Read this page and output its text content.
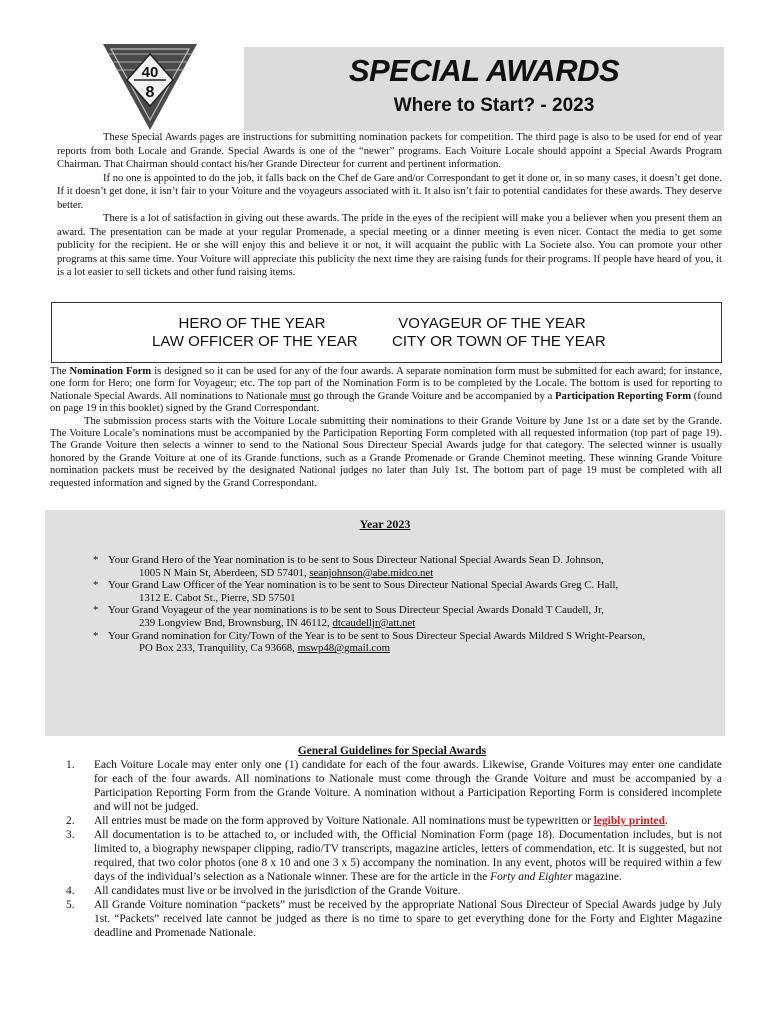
40
8
SPECIAL AWARDS
Where to Start? - 2023

These Special Awards pages are instructions for submitting nomination packets for competition. The third page is also to be used for end of year reports from both Locale and Grande. Special Awards is one of the “newer” programs. Each Voiture Locale should appoint a Special Awards Program Chairman. That Chairman should contact his/her Grande Directeur for current and pertinent information.

If no one is appointed to do the job, it falls back on the Chef de Gare and/or Correspondant to get it done or, in so many cases, it doesn’t get done. If it doesn’t get done, it isn’t fair to your Voiture and the voyageurs associated with it. It also isn’t fair to potential candidates for these awards. They deserve better.

There is a lot of satisfaction in giving out these awards. The pride in the eyes of the recipient will make you a believer when you present them an award. The presentation can be made at your regular Promenade, a special meeting or a dinner meeting is even nicer. Contact the media to get some publicity for the recipient. He or she will enjoy this and believe it or not, it will acquaint the public with La Societe also. You can promote your other programs at this same time. Your Voiture will appreciate this publicity the next time they are raising funds for their programs. If people have heard of you, it is a lot easier to sell tickets and other fund raising items.

HERO OF THE YEAR
LAW OFFICER OF THE YEAR
VOYAGEUR OF THE YEAR
CITY OR TOWN OF THE YEAR

The Nomination Form is designed so it can be used for any of the four awards. A separate nomination form must be submitted for each award; for instance, one form for Hero; one form for Voyageur; etc. The top part of the Nomination Form is to be completed by the Locale. The bottom is used for reporting to Nationale Special Awards. All nominations to Nationale must go through the Grande Voiture and be accompanied by a Participation Reporting Form (found on page 19 in this booklet) signed by the Grand Correspondant.

The submission process starts with the Voiture Locale submitting their nominations to their Grande Voiture by June 1st or a date set by the Grande. The Voiture Locale’s nominations must be accompanied by the Participation Reporting Form completed with all requested information (top part of page 19). The Grande Voiture then selects a winner to send to the National Sous Directeur Special Awards judge for that category. The selected winner is usually honored by the Grande Voiture at one of its Grande functions, such as a Grande Promenade or Grande Cheminot meeting. These winning Grande Voiture nomination packets must be received by the designated National judges no later than July 1st. The bottom part of page 19 must be completed with all requested information and signed by the Grand Correspondant.

Year 2023
* Your Grand Hero of the Year nomination is to be sent to Sous Directeur National Special Awards Sean D. Johnson,
1005 N Main St, Aberdeen, SD 57401, seanjohnson@abe.midco.net
* Your Grand Law Officer of the Year nomination is to be sent to Sous Directeur National Special Awards Greg C. Hall,
1312 E. Cabot St., Pierre, SD 57501
* Your Grand Voyageur of the year nominations is to be sent to Sous Directeur Special Awards Donald T Caudell, Jr,
239 Longview Bnd, Brownsburg, IN 46112, dtcaudelljr@att.net
* Your Grand nomination for City/Town of the Year is to be sent to Sous Directeur Special Awards Mildred S Wright-Pearson,
PO Box 233, Tranquility, Ca 93668, mswp48@gmail.com

General Guidelines for Special Awards

1. Each Voiture Locale may enter only one (1) candidate for each of the four awards. Likewise, Grande Voitures may enter one candidate for each of the four awards. All nominations to Nationale must come through the Grande Voiture and must be accompanied by a Participation Reporting Form from the Grande Voiture. A nomination without a Participation Reporting Form is considered incomplete and will not be judged.
2. All entries must be made on the form approved by Voiture Nationale. All nominations must be typewritten or legibly printed.
3. All documentation is to be attached to, or included with, the Official Nomination Form (page 18). Documentation includes, but is not limited to, a biography newspaper clipping, radio/TV transcripts, magazine articles, letters of commendation, etc. It is suggested, but not required, that two color photos (one 8 x 10 and one 3 x 5) accompany the nomination. In any event, photos will be required within a few days of the individual’s selection as a Nationale winner. These are for the article in the Forty and Eighter magazine.
4. All candidates must live or be involved in the jurisdiction of the Grande Voiture.
5. All Grande Voiture nomination “packets” must be received by the appropriate National Sous Directeur of Special Awards judge by July 1st. “Packets” received late cannot be judged as there is no time to spare to get everything done for the Forty and Eighter Magazine deadline and Promenade Nationale.
